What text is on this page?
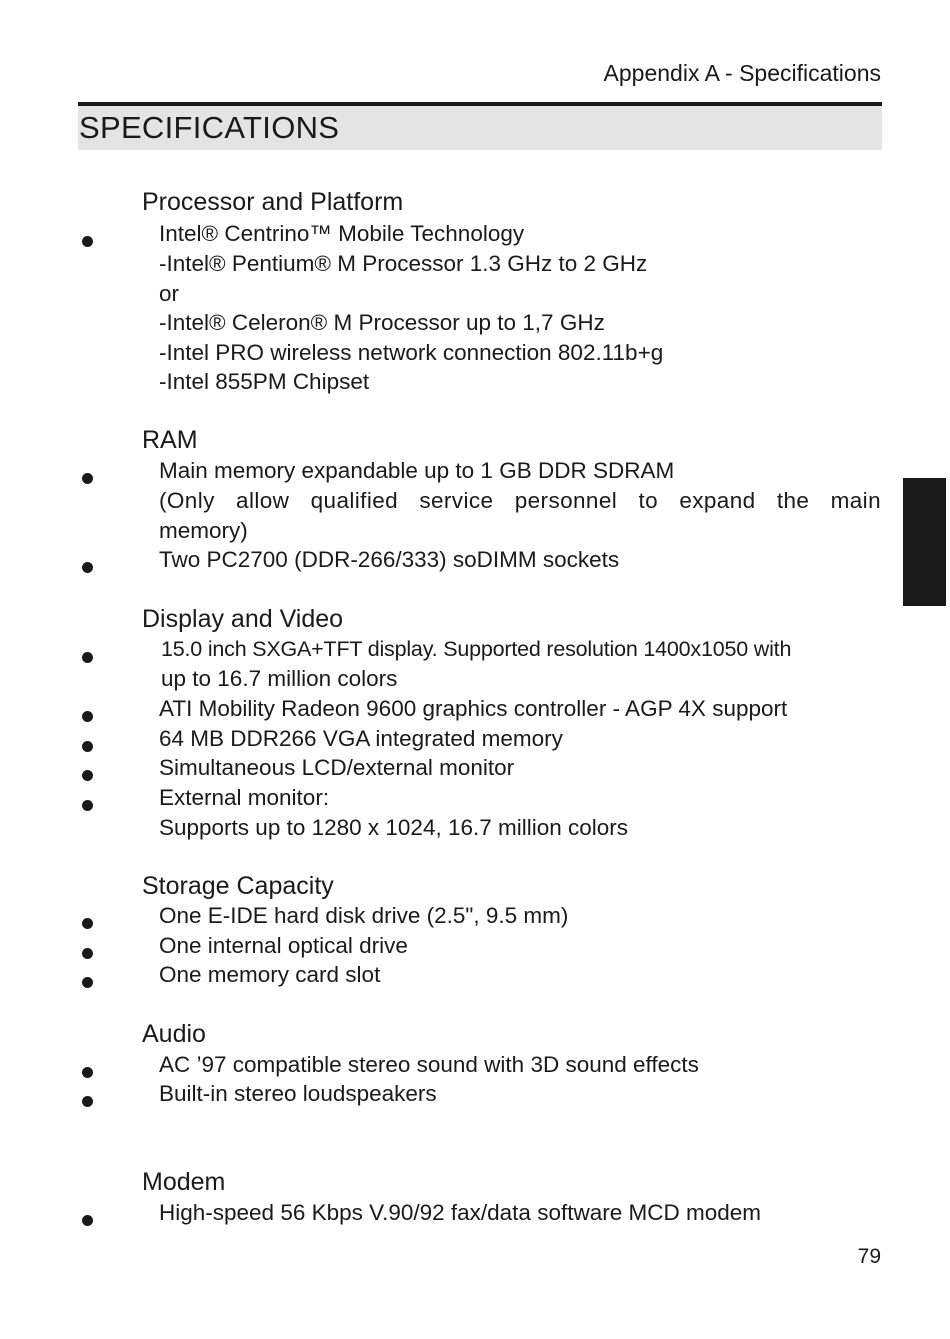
Appendix A - Specifications
SPECIFICATIONS
Processor and Platform
Intel® Centrino™ Mobile Technology
-Intel® Pentium® M Processor 1.3 GHz to 2 GHz
or
-Intel® Celeron® M Processor up to 1,7 GHz
-Intel PRO wireless network connection 802.11b+g
-Intel 855PM Chipset
RAM
Main memory expandable up to 1 GB DDR SDRAM
(Only allow qualified service personnel to expand the main
memory)
Two PC2700 (DDR-266/333) soDIMM sockets
Display and Video
15.0 inch SXGA+TFT display. Supported resolution 1400x1050 with
up to 16.7 million colors
ATI Mobility Radeon 9600 graphics controller - AGP 4X support
64 MB DDR266 VGA integrated memory
Simultaneous LCD/external monitor
External monitor:
Supports up to 1280 x 1024, 16.7 million colors
Storage Capacity
One E-IDE hard disk drive (2.5", 9.5 mm)
One internal optical drive
One memory card slot
Audio
AC ’97 compatible stereo sound with 3D sound effects
Built-in stereo loudspeakers
Modem
High-speed 56 Kbps V.90/92 fax/data software MCD modem
79
